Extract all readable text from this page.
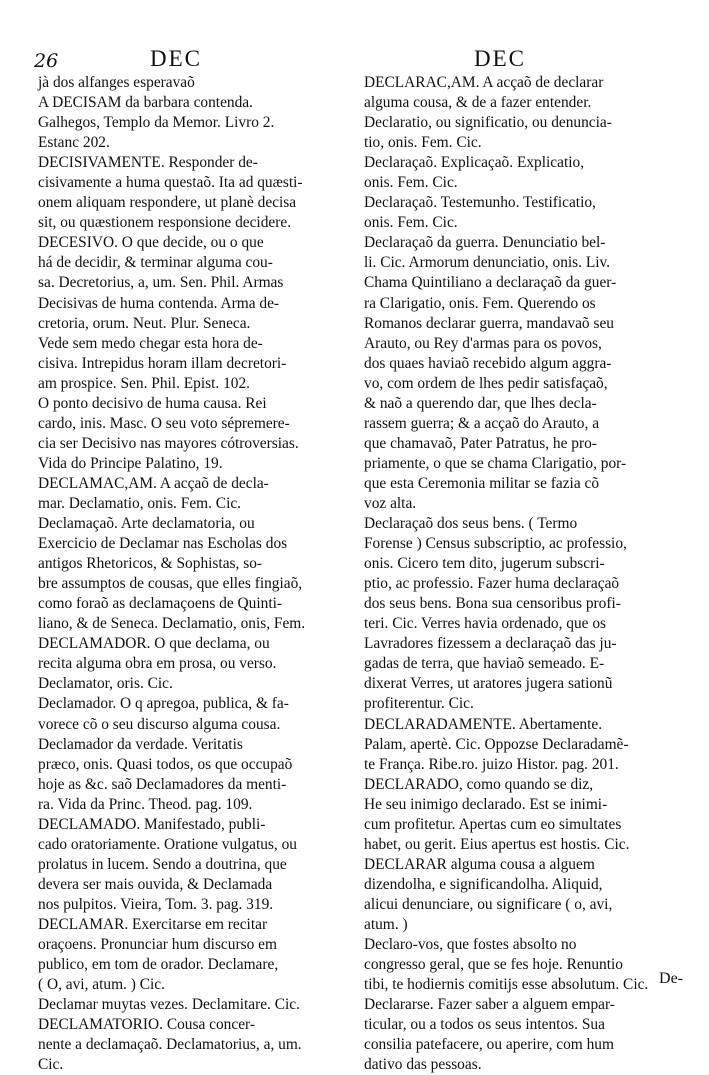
26	DEC	DEC
jà dos alfanges esperavaõ
A DECISAM da barbara contenda.
Galhegos, Templo da Memor. Livro 2.
Estanc 202.
DECISIVAMENTE. Responder de-
cisivamente a huma questaõ. Ita ad quæsti-
onem aliquam respondere, ut planè decisa
sit, ou quæstionem responsione decidere.
DECESIVO. O que decide, ou o que
há de decidir, & terminar alguma cou-
sa. Decretorius, a, um. Sen. Phil. Armas
Decisivas de huma contenda. Arma de-
cretoria, orum. Neut. Plur. Seneca.
Vede sem medo chegar esta hora de-
cisiva. Intrepidus horam illam decretori-
am prospice. Sen. Phil. Epist. 102.
O ponto decisivo de huma causa. Rei
cardo, inis. Masc. O seu voto sépremere-
cia ser Decisivo nas mayores cótroversias.
Vida do Principe Palatino, 19.
DECLAMAC,AM. A acçaõ de decla-
mar. Declamatio, onis. Fem. Cic.
Declamaçaõ. Arte declamatoria, ou
Exercicio de Declamar nas Escholas dos
antigos Rhetoricos, & Sophistas, so-
bre assumptos de cousas, que elles fingiaõ,
como foraõ as declamaçoens de Quinti-
liano, & de Seneca. Declamatio, onis, Fem.
DECLAMADOR. O que declama, ou
recita alguma obra em prosa, ou verso.
Declamator, oris. Cic.
Declamador. O q apregoa, publica, & fa-
vorece cõ o seu discurso alguma cousa.
Declamador da verdade. Veritatis
præco, onis. Quasi todos, os que occupaõ
hoje as &c. saõ Declamadores da menti-
ra. Vida da Princ. Theod. pag. 109.
DECLAMADO. Manifestado, publi-
cado oratoriamente. Oratione vulgatus, ou
prolatus in lucem. Sendo a doutrina, que
devera ser mais ouvida, & Declamada
nos pulpitos. Vieira, Tom. 3. pag. 319.
DECLAMAR. Exercitarse em recitar
oraçoens. Pronunciar hum discurso em
publico, em tom de orador. Declamare,
( O, avi, atum. ) Cic.
Declamar muytas vezes. Declamitare. Cic.
DECLAMATORIO. Cousa concer-
nente a declamaçaõ. Declamatorius, a, um.
Cic.
DECLARAC,AM. A acçaõ de declarar
alguma cousa, & de a fazer entender.
Declaratio, ou significatio, ou denuncia-
tio, onis. Fem. Cic.
Declaraçaõ. Explicaçaõ. Explicatio,
onis. Fem. Cic.
Declaraçaõ. Testemunho. Testificatio,
onis. Fem. Cic.
Declaraçaõ da guerra. Denunciatio bel-
li. Cic. Armorum denunciatio, onis. Liv.
Chama Quintiliano a declaraçaõ da guer-
ra Clarigatio, onis. Fem. Querendo os
Romanos declarar guerra, mandavaõ seu
Arauto, ou Rey d'armas para os povos,
dos quaes haviaõ recebido algum aggra-
vo, com ordem de lhes pedir satisfaçaõ,
& naõ a querendo dar, que lhes decla-
rassem guerra; & a acçaõ do Arauto, a
que chamavaõ, Pater Patratus, he pro-
priamente, o que se chama Clarigatio, por-
que esta Ceremonia militar se fazia cõ
voz alta.
Declaraçaõ dos seus bens. ( Termo
Forense ) Census subscriptio, ac professio,
onis. Cicero tem dito, jugerum subscri-
ptio, ac professio. Fazer huma declaraçaõ
dos seus bens. Bona sua censoribus profi-
teri. Cic. Verres havia ordenado, que os
Lavradores fizessem a declaraçaõ das ju-
gadas de terra, que haviaõ semeado. E-
dixerat Verres, ut aratores jugera sationũ
profiterentur. Cic.
DECLARADAMENTE. Abertamente.
Palam, apertè. Cic. Oppozse Declaradamẽ-
te França. Ribe.ro. juizo Histor. pag. 201.
DECLARADO, como quando se diz,
He seu inimigo declarado. Est se inimi-
cum profitetur. Apertas cum eo simultates
habet, ou gerit. Eius apertus est hostis. Cic.
DECLARAR alguma cousa a alguem
dizendolha, e significandolha. Aliquid,
alicui denunciare, ou significare ( o, avi,
atum. )
Declaro-vos, que fostes absolto no
congresso geral, que se fes hoje. Renuntio
tibi, te hodiernis comitijs esse absolutum. Cic.
Declararse. Fazer saber a alguem empar-
ticular, ou a todos os seus intentos. Sua
consilia patefacere, ou aperire, com hum
dativo das pessoas.
De-
